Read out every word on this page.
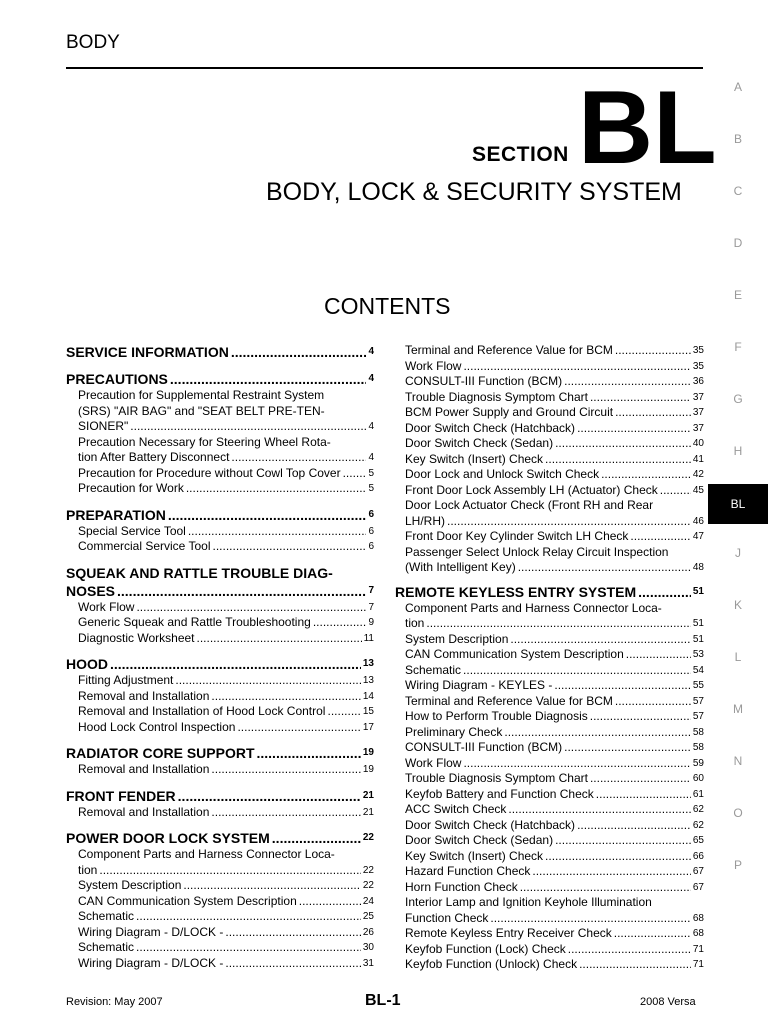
BODY
A
B
C
D
E
F
G
H
BL
J
K
L
M
N
O
P
SECTION BL
BODY, LOCK & SECURITY SYSTEM
CONTENTS
SERVICE INFORMATION .....	4
PRECAUTIONS .....	4
Precaution for Supplemental Restraint System
(SRS) "AIR BAG" and "SEAT BELT PRE-TEN-
SIONER" .....	4
Precaution Necessary for Steering Wheel Rota-
tion After Battery Disconnect .....	4
Precaution for Procedure without Cowl Top Cover .....	5
Precaution for Work .....	5
PREPARATION .....	6
Special Service Tool .....	6
Commercial Service Tool .....	6
SQUEAK AND RATTLE TROUBLE DIAG-
NOSES .....	7
Work Flow .....	7
Generic Squeak and Rattle Troubleshooting .....	9
Diagnostic Worksheet .....	11
HOOD .....	13
Fitting Adjustment .....	13
Removal and Installation .....	14
Removal and Installation of Hood Lock Control .....	15
Hood Lock Control Inspection .....	17
RADIATOR CORE SUPPORT .....	19
Removal and Installation .....	19
FRONT FENDER .....	21
Removal and Installation .....	21
POWER DOOR LOCK SYSTEM .....	22
Component Parts and Harness Connector Loca-
tion .....	22
System Description .....	22
CAN Communication System Description .....	24
Schematic .....	25
Wiring Diagram - D/LOCK - .....	26
Schematic .....	30
Wiring Diagram - D/LOCK - .....	31
Terminal and Reference Value for BCM .....	35
Work Flow .....	35
CONSULT-III Function (BCM) .....	36
Trouble Diagnosis Symptom Chart .....	37
BCM Power Supply and Ground Circuit .....	37
Door Switch Check (Hatchback) .....	37
Door Switch Check (Sedan) .....	40
Key Switch (Insert) Check .....	41
Door Lock and Unlock Switch Check .....	42
Front Door Lock Assembly LH (Actuator) Check .....	45
Door Lock Actuator Check (Front RH and Rear
LH/RH) .....	46
Front Door Key Cylinder Switch LH Check .....	47
Passenger Select Unlock Relay Circuit Inspection
(With Intelligent Key) .....	48
REMOTE KEYLESS ENTRY SYSTEM .....	51
Component Parts and Harness Connector Loca-
tion .....	51
System Description .....	51
CAN Communication System Description .....	53
Schematic .....	54
Wiring Diagram - KEYLES - .....	55
Terminal and Reference Value for BCM .....	57
How to Perform Trouble Diagnosis .....	57
Preliminary Check .....	58
CONSULT-III Function (BCM) .....	58
Work Flow .....	59
Trouble Diagnosis Symptom Chart .....	60
Keyfob Battery and Function Check .....	61
ACC Switch Check .....	62
Door Switch Check (Hatchback) .....	62
Door Switch Check (Sedan) .....	65
Key Switch (Insert) Check .....	66
Hazard Function Check .....	67
Horn Function Check .....	67
Interior Lamp and Ignition Keyhole Illumination
Function Check .....	68
Remote Keyless Entry Receiver Check .....	68
Keyfob Function (Lock) Check .....	71
Keyfob Function (Unlock) Check .....	71
Revision: May 2007	BL-1	2008 Versa
